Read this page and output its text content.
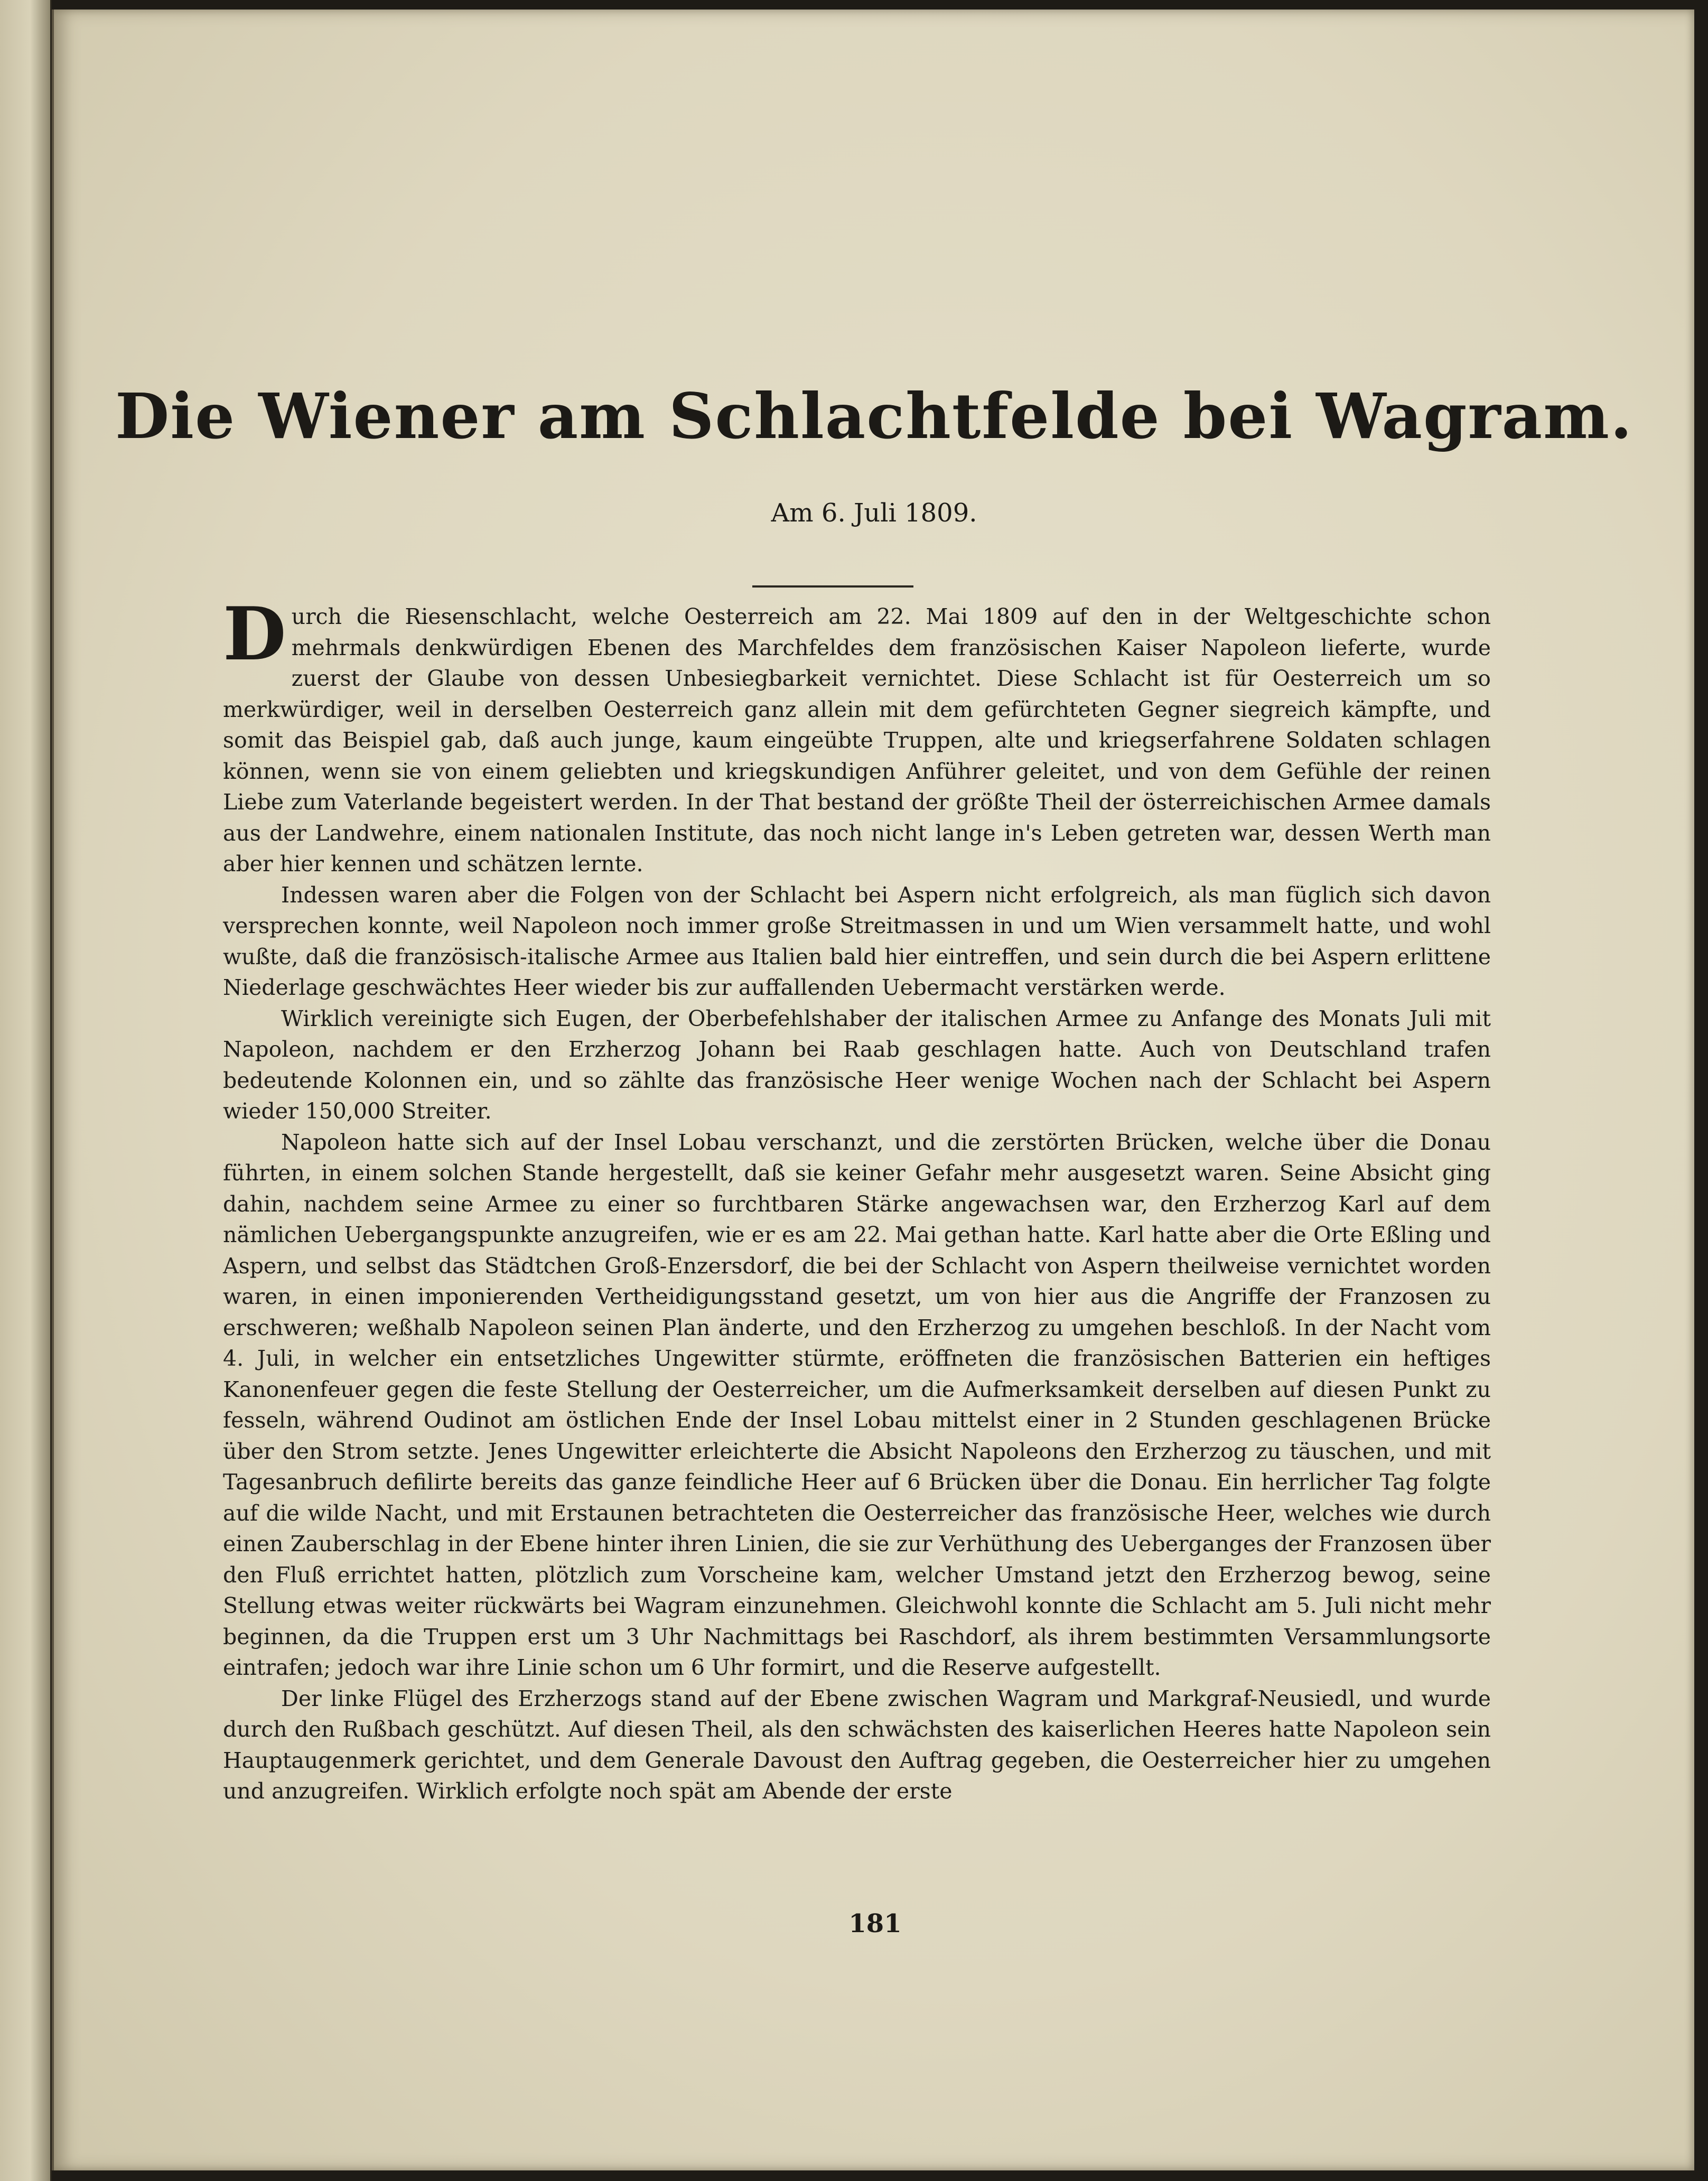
Die Wiener am Schlachtfelde bei Wagram.
Am 6. Juli 1809.

Durch die Riesenschlacht, welche Oesterreich am 22. Mai 1809 auf den in der Weltgeschichte schon mehrmals denkwürdigen Ebenen des Marchfeldes dem französischen Kaiser Napoleon lieferte, wurde zuerst der Glaube von dessen Unbesiegbarkeit vernichtet. Diese Schlacht ist für Oesterreich um so merkwürdiger, weil in derselben Oesterreich ganz allein mit dem gefürchteten Gegner siegreich kämpfte, und somit das Beispiel gab, daß auch junge, kaum eingeübte Truppen, alte und kriegserfahrene Soldaten schlagen können, wenn sie von einem geliebten und kriegskundigen Anführer geleitet, und von dem Gefühle der reinen Liebe zum Vaterlande begeistert werden. In der That bestand der größte Theil der österreichischen Armee damals aus der Landwehre, einem nationalen Institute, das noch nicht lange in's Leben getreten war, dessen Werth man aber hier kennen und schätzen lernte.

Indessen waren aber die Folgen von der Schlacht bei Aspern nicht erfolgreich, als man füglich sich davon versprechen konnte, weil Napoleon noch immer große Streitmassen in und um Wien versammelt hatte, und wohl wußte, daß die französisch-italische Armee aus Italien bald hier eintreffen, und sein durch die bei Aspern erlittene Niederlage geschwächtes Heer wieder bis zur auffallenden Uebermacht verstärken werde.

Wirklich vereinigte sich Eugen, der Oberbefehlshaber der italischen Armee zu Anfange des Monats Juli mit Napoleon, nachdem er den Erzherzog Johann bei Raab geschlagen hatte. Auch von Deutschland trafen bedeutende Kolonnen ein, und so zählte das französische Heer wenige Wochen nach der Schlacht bei Aspern wieder 150,000 Streiter.

Napoleon hatte sich auf der Insel Lobau verschanzt, und die zerstörten Brücken, welche über die Donau führten, in einem solchen Stande hergestellt, daß sie keiner Gefahr mehr ausgesetzt waren. Seine Absicht ging dahin, nachdem seine Armee zu einer so furchtbaren Stärke angewachsen war, den Erzherzog Karl auf dem nämlichen Uebergangspunkte anzugreifen, wie er es am 22. Mai gethan hatte. Karl hatte aber die Orte Eßling und Aspern, und selbst das Städtchen Groß-Enzersdorf, die bei der Schlacht von Aspern theilweise vernichtet worden waren, in einen imponierenden Vertheidigungsstand gesetzt, um von hier aus die Angriffe der Franzosen zu erschweren; weßhalb Napoleon seinen Plan änderte, und den Erzherzog zu umgehen beschloß. In der Nacht vom 4. Juli, in welcher ein entsetzliches Ungewitter stürmte, eröffneten die französischen Batterien ein heftiges Kanonenfeuer gegen die feste Stellung der Oesterreicher, um die Aufmerksamkeit derselben auf diesen Punkt zu fesseln, während Oudinot am östlichen Ende der Insel Lobau mittelst einer in 2 Stunden geschlagenen Brücke über den Strom setzte. Jenes Ungewitter erleichterte die Absicht Napoleons den Erzherzog zu täuschen, und mit Tagesanbruch defilirte bereits das ganze feindliche Heer auf 6 Brücken über die Donau. Ein herrlicher Tag folgte auf die wilde Nacht, und mit Erstaunen betrachteten die Oesterreicher das französische Heer, welches wie durch einen Zauberschlag in der Ebene hinter ihren Linien, die sie zur Verhüthung des Ueberganges der Franzosen über den Fluß errichtet hatten, plötzlich zum Vorscheine kam, welcher Umstand jetzt den Erzherzog bewog, seine Stellung etwas weiter rückwärts bei Wagram einzunehmen. Gleichwohl konnte die Schlacht am 5. Juli nicht mehr beginnen, da die Truppen erst um 3 Uhr Nachmittags bei Raschdorf, als ihrem bestimmten Versammlungsorte eintrafen; jedoch war ihre Linie schon um 6 Uhr formirt, und die Reserve aufgestellt.

Der linke Flügel des Erzherzogs stand auf der Ebene zwischen Wagram und Markgraf-Neusiedl, und wurde durch den Rußbach geschützt. Auf diesen Theil, als den schwächsten des kaiserlichen Heeres hatte Napoleon sein Hauptaugenmerk gerichtet, und dem Generale Davoust den Auftrag gegeben, die Oesterreicher hier zu umgehen und anzugreifen. Wirklich erfolgte noch spät am Abende der erste

181
